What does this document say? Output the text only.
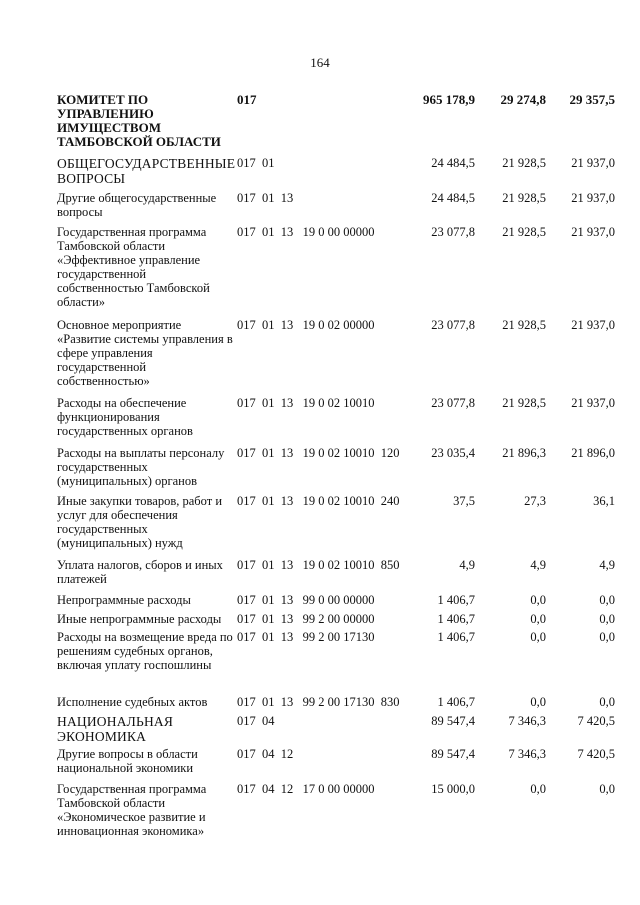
164
КОМИТЕТ ПО УПРАВЛЕНИЮ ИМУЩЕСТВОМ ТАМБОВСКОЙ ОБЛАСТИ
017	965 178,9	29 274,8	29 357,5
ОБЩЕГОСУДАРСТВЕННЫЕ ВОПРОСЫ
017  01	24 484,5	21 928,5	21 937,0
Другие общегосударственные вопросы
017  01  13	24 484,5	21 928,5	21 937,0
Государственная программа Тамбовской области «Эффективное управление государственной собственностью Тамбовской области»
017  01  13   19 0 00 00000	23 077,8	21 928,5	21 937,0
Основное мероприятие «Развитие системы управления в сфере управления государственной собственностью»
017  01  13   19 0 02 00000	23 077,8	21 928,5	21 937,0
Расходы на обеспечение функционирования государственных органов
017  01  13   19 0 02 10010	23 077,8	21 928,5	21 937,0
Расходы на выплаты персоналу государственных (муниципальных) органов
017  01  13   19 0 02 10010  120	23 035,4	21 896,3	21 896,0
Иные закупки товаров, работ и услуг для обеспечения государственных (муниципальных) нужд
017  01  13   19 0 02 10010  240	37,5	27,3	36,1
Уплата налогов, сборов и иных платежей
017  01  13   19 0 02 10010  850	4,9	4,9	4,9
Непрограммные расходы	017  01  13   99 0 00 00000	1 406,7	0,0	0,0
Иные непрограммные расходы	017  01  13   99 2 00 00000	1 406,7	0,0	0,0
Расходы на возмещение вреда по решениям судебных органов, включая уплату госпошлины
017  01  13   99 2 00 17130	1 406,7	0,0	0,0
Исполнение судебных актов	017  01  13   99 2 00 17130  830	1 406,7	0,0	0,0
НАЦИОНАЛЬНАЯ ЭКОНОМИКА
017  04	89 547,4	7 346,3	7 420,5
Другие вопросы в области национальной экономики
017  04  12	89 547,4	7 346,3	7 420,5
Государственная программа Тамбовской области «Экономическое развитие и инновационная экономика»
017  04  12   17 0 00 00000	15 000,0	0,0	0,0
